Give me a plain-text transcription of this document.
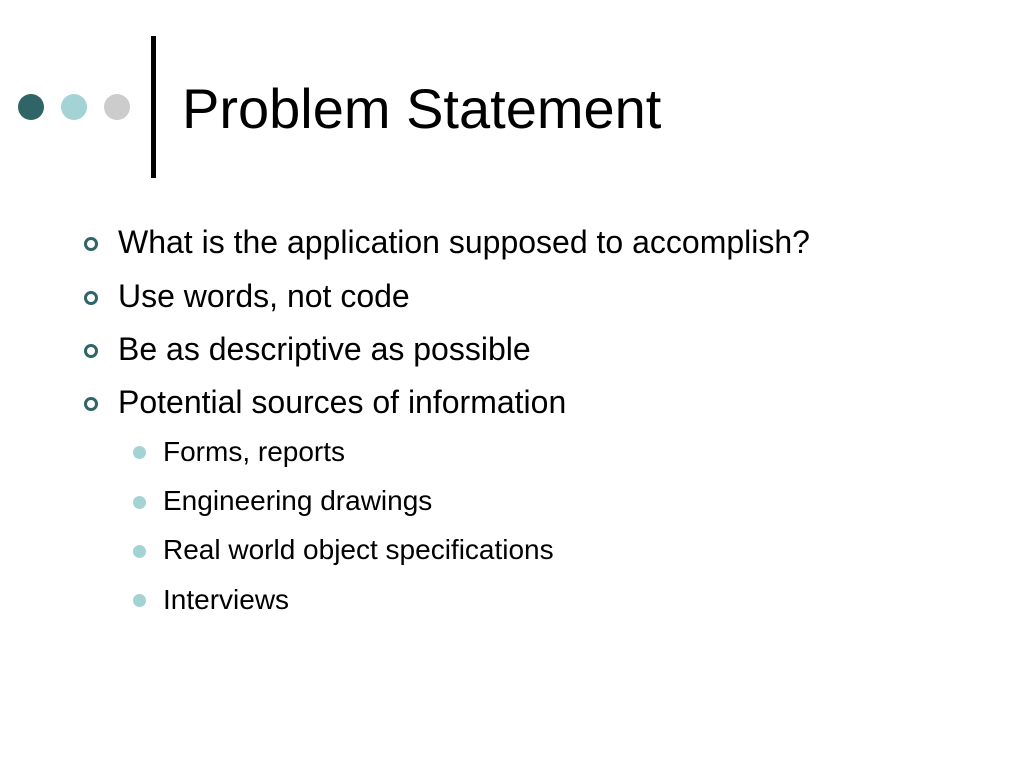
Problem Statement
What is the application supposed to accomplish?
Use words, not code
Be as descriptive as possible
Potential sources of information
Forms, reports
Engineering drawings
Real world object specifications
Interviews
